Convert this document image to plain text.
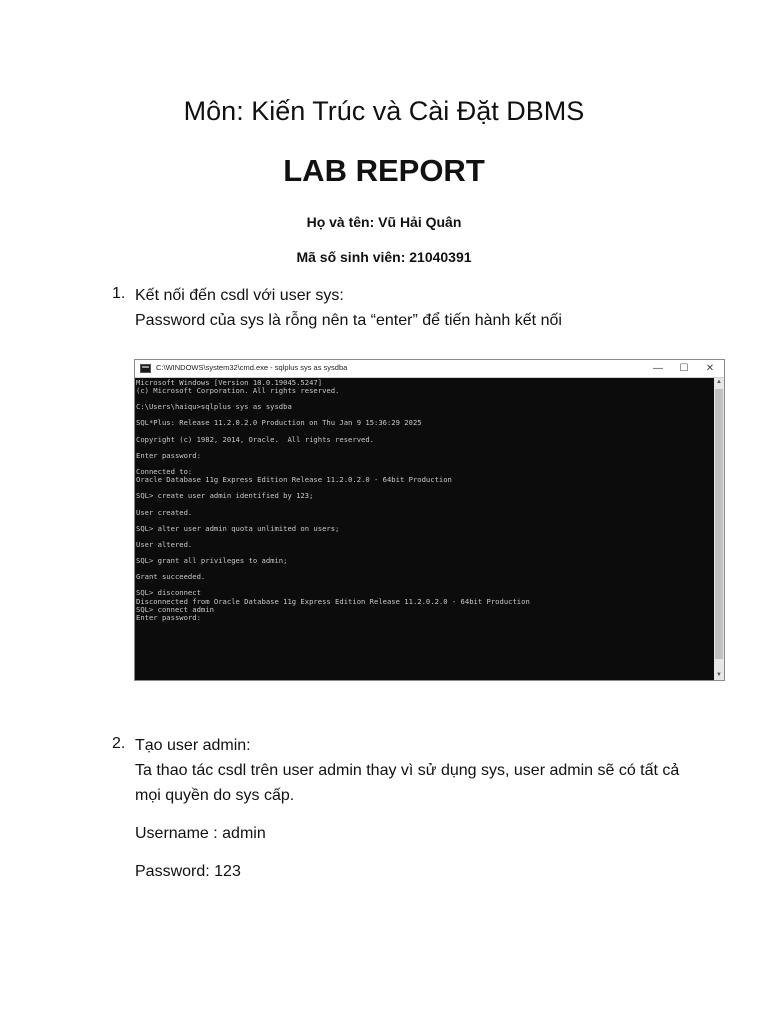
Môn: Kiến Trúc và Cài Đặt DBMS
LAB REPORT
Họ và tên: Vũ Hải Quân
Mã số sinh viên: 21040391
1. Kết nối đến csdl với user sys:
Password của sys là rỗng nên ta “enter” để tiến hành kết nối
C:\WINDOWS\system32\cmd.exe - sqlplus sys as sysdba	—	☐	✕
Microsoft Windows [Version 10.0.19045.5247]
(c) Microsoft Corporation. All rights reserved.
C:\Users\haiqu>sqlplus sys as sysdba
SQL*Plus: Release 11.2.0.2.0 Production on Thu Jan 9 15:36:29 2025
Copyright (c) 1982, 2014, Oracle.  All rights reserved.
Enter password:
Connected to:
Oracle Database 11g Express Edition Release 11.2.0.2.0 - 64bit Production
SQL> create user admin identified by 123;
User created.
SQL> alter user admin quota unlimited on users;
User altered.
SQL> grant all privileges to admin;
Grant succeeded.
SQL> disconnect
Disconnected from Oracle Database 11g Express Edition Release 11.2.0.2.0 - 64bit Production
SQL> connect admin
Enter password:
▲
▼
2. Tạo user admin:
Ta thao tác csdl trên user admin thay vì sử dụng sys, user admin sẽ có tất cả
mọi quyền do sys cấp.
Username : admin
Password: 123
